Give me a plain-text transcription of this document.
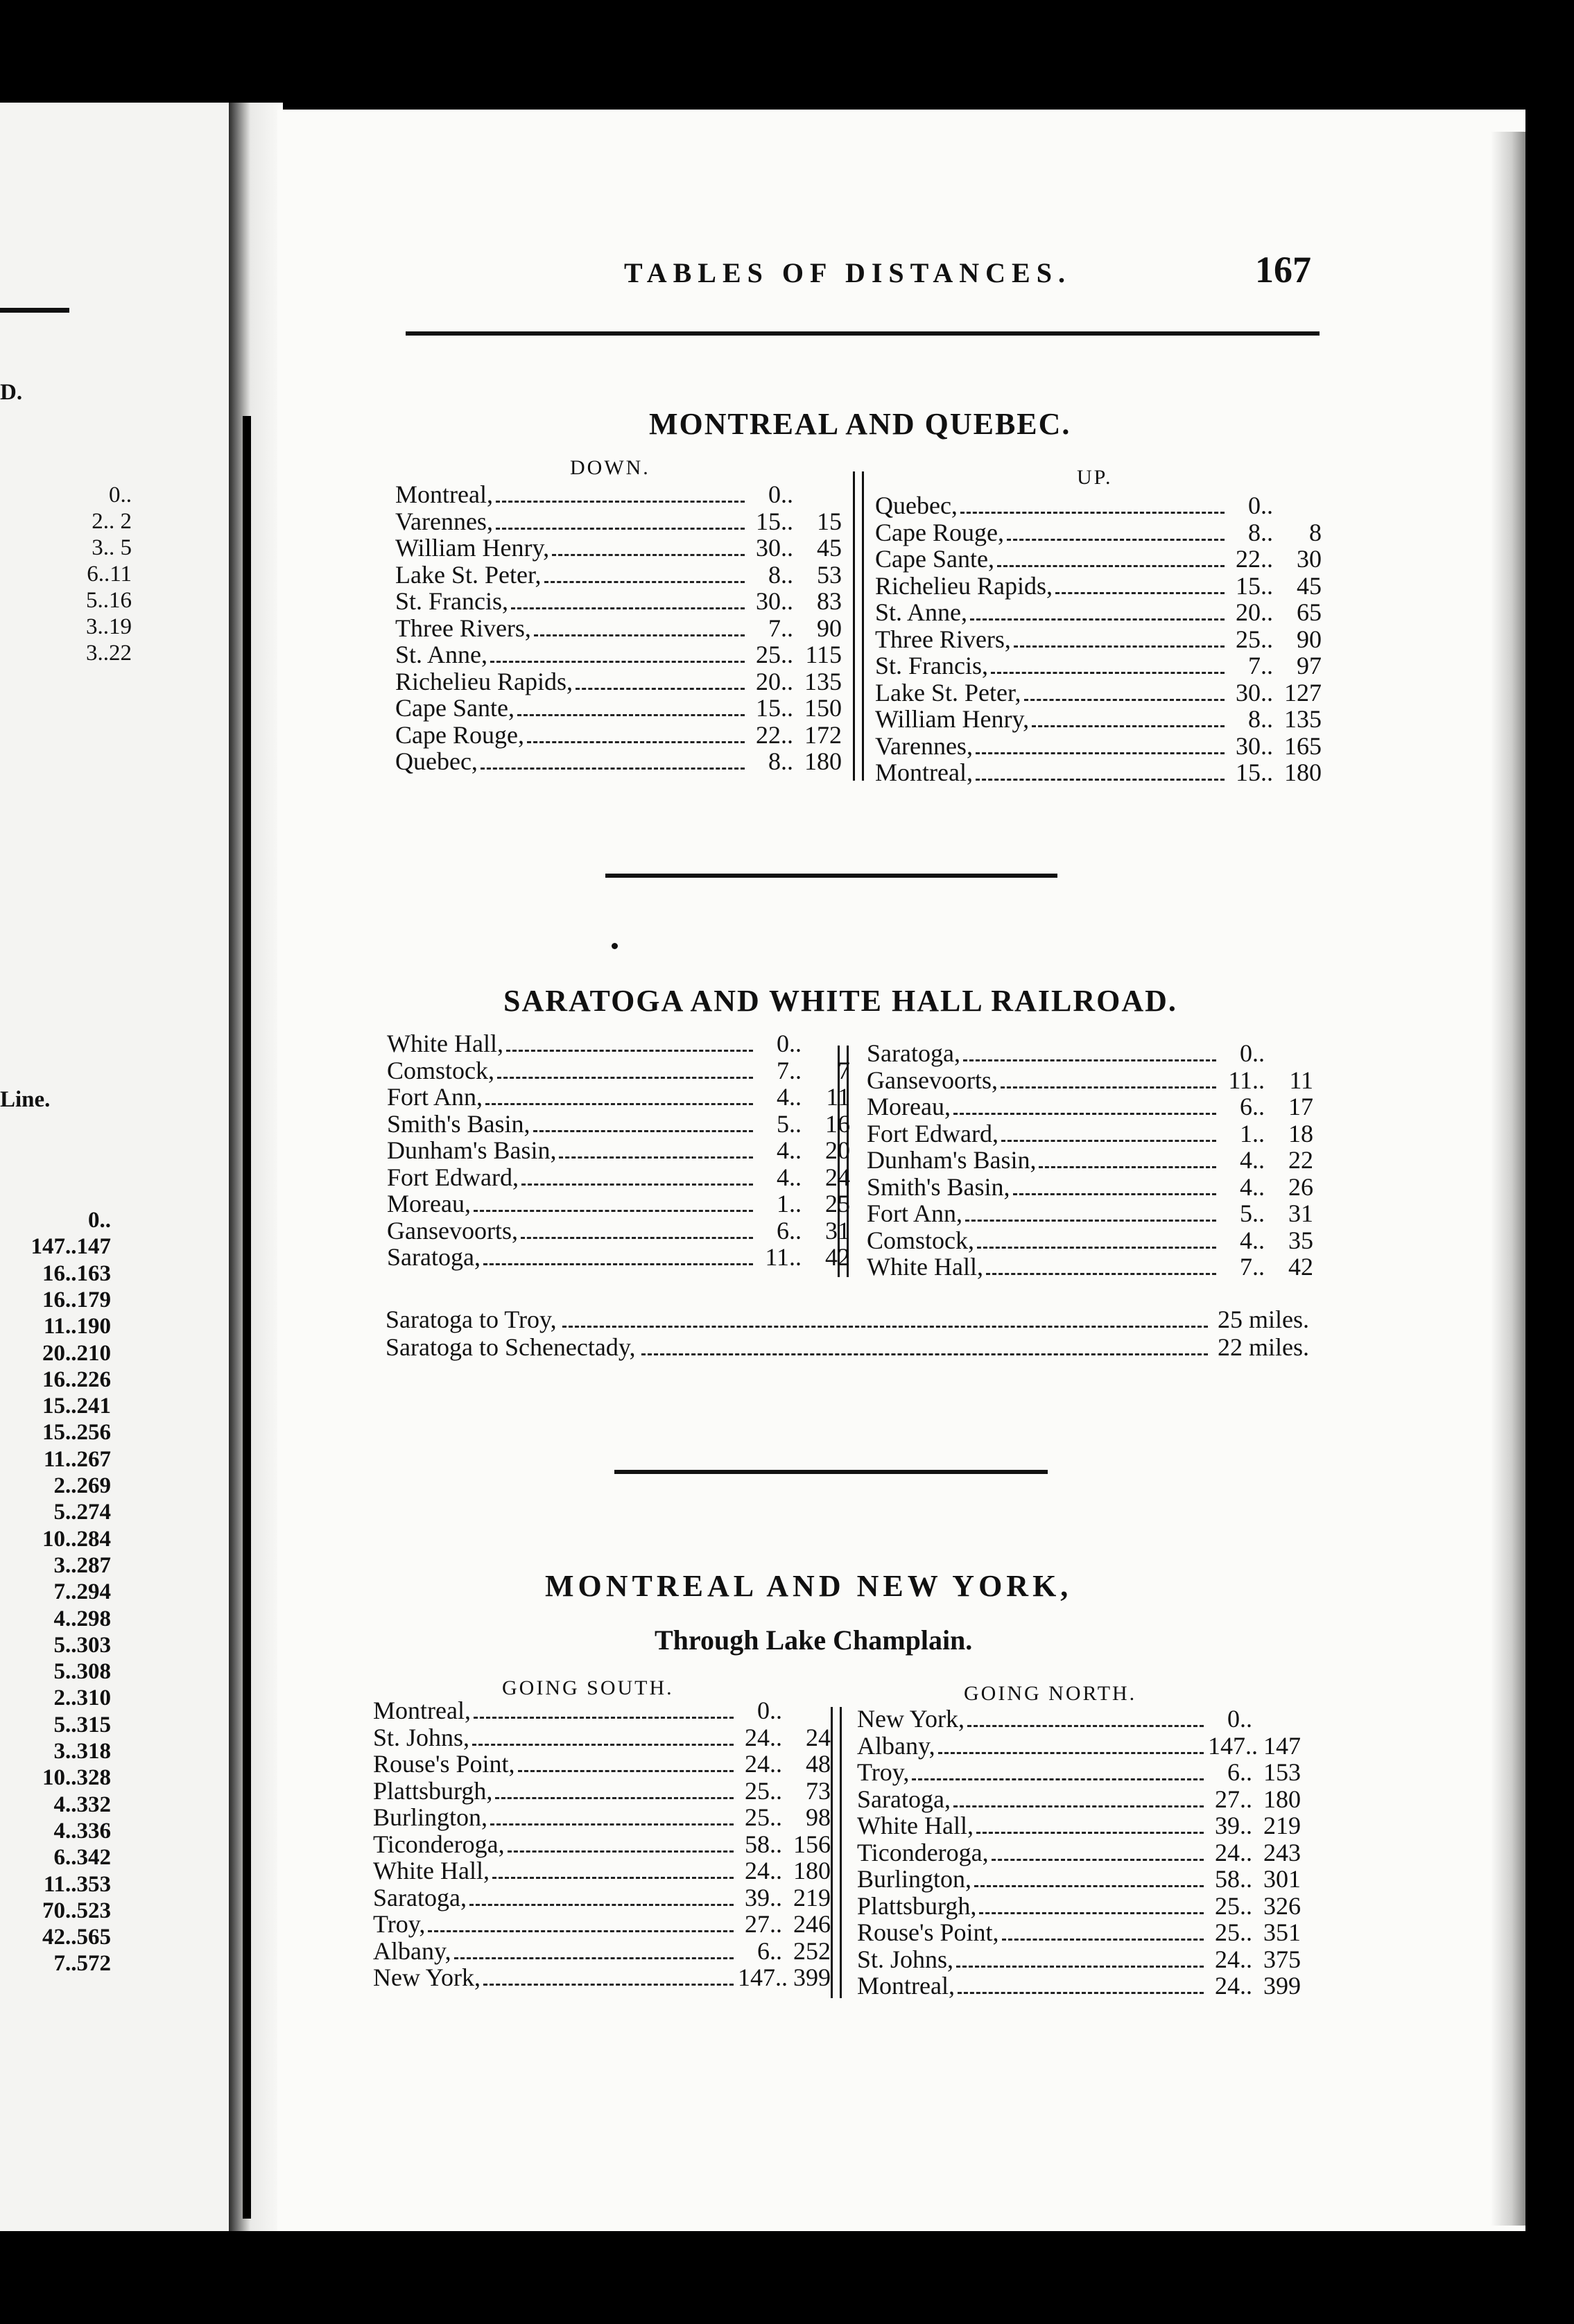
D.
Line.
0..
2.. 2
3.. 5
6..11
5..16
3..19
3..22
0..
147..147
16..163
16..179
11..190
20..210
16..226
15..241
15..256
11..267
2..269
5..274
10..284
3..287
7..294
4..298
5..303
5..308
2..310
5..315
3..318
10..328
4..332
4..336
6..342
11..353
70..523
42..565
7..572
TABLES OF DISTANCES.	167
MONTREAL AND QUEBEC.
DOWN.	UP.
Montreal,	0..
Varennes,	15.. 15
William Henry,	30.. 45
Lake St. Peter,	8.. 53
St. Francis,	30.. 83
Three Rivers,	7.. 90
St. Anne,	25.. 115
Richelieu Rapids,	20.. 135
Cape Sante,	15.. 150
Cape Rouge,	22.. 172
Quebec,	8.. 180
Quebec,	0..
Cape Rouge,	8..	8
Cape Sante,	22.. 30
Richelieu Rapids,	15.. 45
St. Anne,	20.. 65
Three Rivers,	25.. 90
St. Francis,	7.. 97
Lake St. Peter,	30.. 127
William Henry,	8.. 135
Varennes,	30.. 165
Montreal,	15.. 180
SARATOGA AND WHITE HALL RAILROAD.
White Hall,	0..
Comstock,	7..	7
Fort Ann,	4.. 11
Smith's Basin,	5.. 16
Dunham's Basin,	4.. 20
Fort Edward,	4.. 24
Moreau,	1.. 25
Gansevoorts,	6.. 31
Saratoga,	11.. 42
Saratoga,	0..
Gansevoorts,	11.. 11
Moreau,	6.. 17
Fort Edward,	1.. 18
Dunham's Basin,	4.. 22
Smith's Basin,	4.. 26
Fort Ann,	5.. 31
Comstock,	4.. 35
White Hall,	7.. 42
Saratoga to Troy,	25 miles.
Saratoga to Schenectady,	22 miles.
MONTREAL AND NEW YORK,
Through Lake Champlain.
GOING SOUTH.	GOING NORTH.
Montreal,	0..
St. Johns,	24.. 24
Rouse's Point,	24.. 48
Plattsburgh,	25.. 73
Burlington,	25.. 98
Ticonderoga,	58.. 156
White Hall,	24.. 180
Saratoga,	39.. 219
Troy,	27.. 246
Albany,	6.. 252
New York,	147.. 399
New York,	0..
Albany,	147.. 147
Troy,	6.. 153
Saratoga,	27.. 180
White Hall,	39.. 219
Ticonderoga,	24.. 243
Burlington,	58.. 301
Plattsburgh,	25.. 326
Rouse's Point,	25.. 351
St. Johns,	24.. 375
Montreal,	24.. 399
